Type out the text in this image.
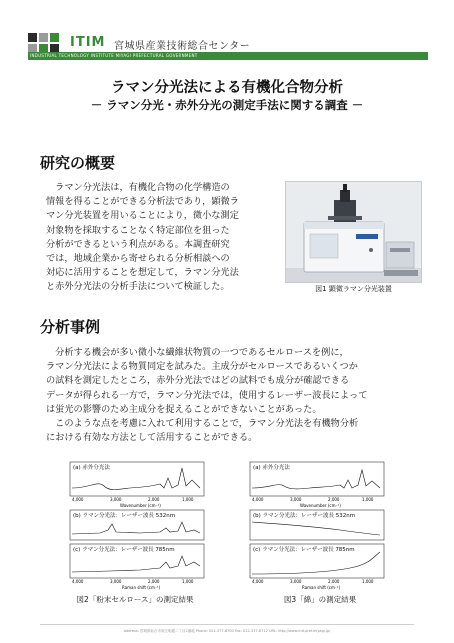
ITIM 宮城県産業技術総合センター
INDUSTRIAL TECHNOLOGY INSTITUTE MIYAGI PREFECTURAL GOVERNMENT
ラマン分光法による有機化合物分析
－ ラマン分光・赤外分光の測定手法に関する調査 －
研究の概要
　ラマン分光法は，有機化合物の化学構造の
情報を得ることができる分析法であり，顕微ラ
マン分光装置を用いることにより，微小な測定
対象物を採取することなく特定部位を狙った
分析ができるという利点がある。本調査研究
では，地域企業から寄せられる分析相談への
対応に活用することを想定して，ラマン分光法
と赤外分光法の分析手法について検証した。	図1 顕微ラマン分光装置
分析事例
　分析する機会が多い微小な繊維状物質の一つであるセルロースを例に，
ラマン分光法による物質同定を試みた。主成分がセルロースであるいくつか
の試料を測定したところ，赤外分光法ではどの試料でも成分が確認できる
データが得られる一方で，ラマン分光法では，使用するレーザー波長によって
は蛍光の影響のため主成分を捉えることができないことがあった。
　このような点を考慮に入れて利用することで，ラマン分光法を有機物分析
における有効な方法として活用することができる。
(a) 赤外分光法
4,000	3,000	2,000	1,000
Wavenumber (cm⁻¹)
(b) ラマン分光法：レーザー波長 532nm
(c) ラマン分光法：レーザー波長 785nm
4,000	3,000	2,000	1,000
Raman shift (cm⁻¹)
図2「粉末セルロース」の測定結果
(a) 赤外分光法
4,000	3,000	2,000	1,000
Wavenumber (cm⁻¹)
(b) ラマン分光法：レーザー波長 532nm
(c) ラマン分光法：レーザー波長 785nm
4,000	3,000	2,000	1,000
Raman shift (cm⁻¹)
図3「綿」の測定結果
Address: 宮城県仙台市泉区明通二丁目2番地 Phone: 022-377-8700 Fax: 022-377-8712 URL: http://www.mit.pref.miyagi.jp/
